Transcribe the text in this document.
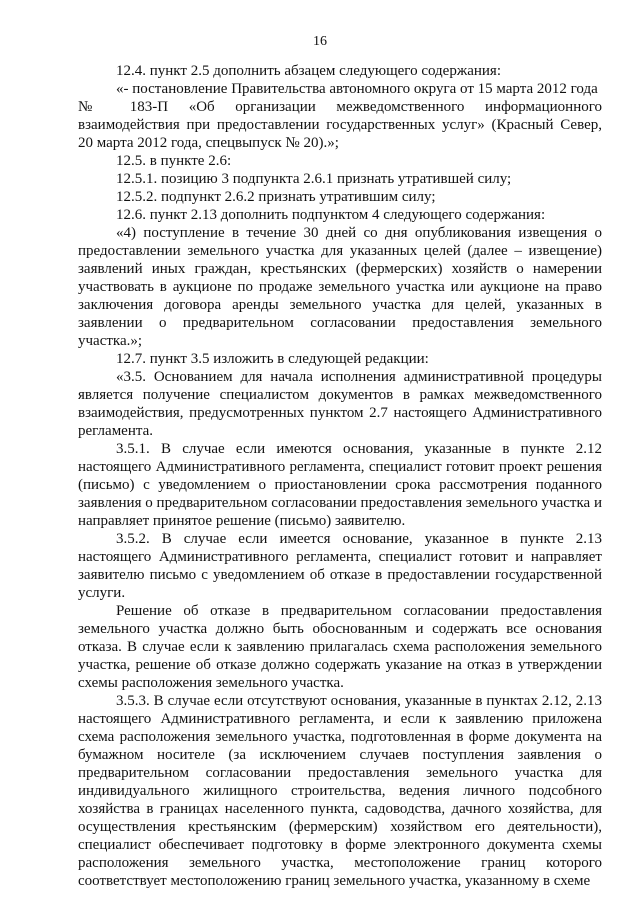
16

12.4. пункт 2.5 дополнить абзацем следующего содержания:

«- постановление Правительства автономного округа от 15 марта 2012 года

№ 183-П «Об организации межведомственного информационного взаимодействия при предоставлении государственных услуг» (Красный Север, 20 марта 2012 года, спецвыпуск № 20).»;

12.5. в пункте 2.6:

12.5.1. позицию 3 подпункта 2.6.1 признать утратившей силу;

12.5.2. подпункт 2.6.2 признать утратившим силу;

12.6. пункт 2.13 дополнить подпунктом 4 следующего содержания:

«4) поступление в течение 30 дней со дня опубликования извещения о предоставлении земельного участка для указанных целей (далее – извещение) заявлений иных граждан, крестьянских (фермерских) хозяйств о намерении участвовать в аукционе по продаже земельного участка или аукционе на право заключения договора аренды земельного участка для целей, указанных в заявлении о предварительном согласовании предоставления земельного участка.»;

12.7. пункт 3.5 изложить в следующей редакции:

«3.5. Основанием для начала исполнения административной процедуры является получение специалистом документов в рамках межведомственного взаимодействия, предусмотренных пунктом 2.7 настоящего Административного регламента.

3.5.1. В случае если имеются основания, указанные в пункте 2.12 настоящего Административного регламента, специалист готовит проект решения (письмо) с уведомлением о приостановлении срока рассмотрения поданного заявления о предварительном согласовании предоставления земельного участка и направляет принятое решение (письмо) заявителю.

3.5.2. В случае если имеется основание, указанное в пункте 2.13 настоящего Административного регламента, специалист готовит и направляет заявителю письмо с уведомлением об отказе в предоставлении государственной услуги.

Решение об отказе в предварительном согласовании предоставления земельного участка должно быть обоснованным и содержать все основания отказа. В случае если к заявлению прилагалась схема расположения земельного участка, решение об отказе должно содержать указание на отказ в утверждении схемы расположения земельного участка.

3.5.3. В случае если отсутствуют основания, указанные в пунктах 2.12, 2.13 настоящего Административного регламента, и если к заявлению приложена схема расположения земельного участка, подготовленная в форме документа на бумажном носителе (за исключением случаев поступления заявления о предварительном согласовании предоставления земельного участка для индивидуального жилищного строительства, ведения личного подсобного хозяйства в границах населенного пункта, садоводства, дачного хозяйства, для осуществления крестьянским (фермерским) хозяйством его деятельности), специалист обеспечивает подготовку в форме электронного документа схемы расположения земельного участка, местоположение границ которого соответствует местоположению границ земельного участка, указанному в схеме
